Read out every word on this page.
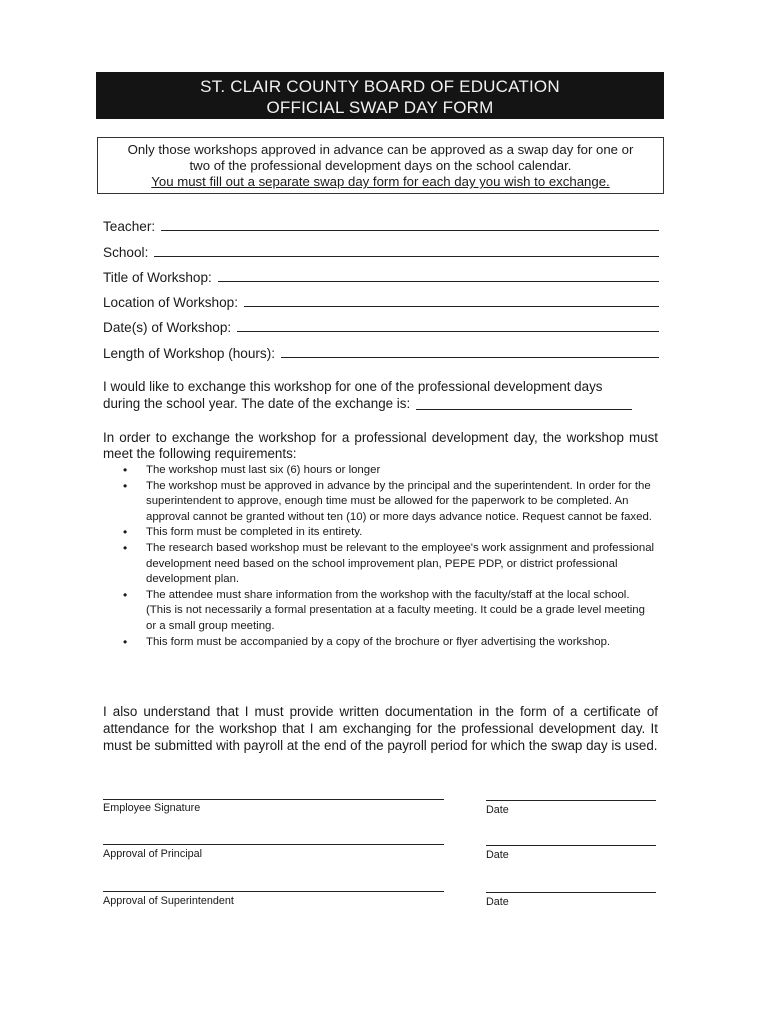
ST. CLAIR COUNTY BOARD OF EDUCATION
OFFICIAL SWAP DAY FORM
Only those workshops approved in advance can be approved as a swap day for one or
two of the professional development days on the school calendar.
You must fill out a separate swap day form for each day you wish to exchange.
Teacher:
School:
Title of Workshop:
Location of Workshop:
Date(s) of Workshop:
Length of Workshop (hours):
I would like to exchange this workshop for one of the professional development days
during the school year. The date of the exchange is:
In order to exchange the workshop for a professional development day, the workshop must meet the following requirements:
• The workshop must last six (6) hours or longer
• The workshop must be approved in advance by the principal and the superintendent. In order for the superintendent to approve, enough time must be allowed for the paperwork to be completed. An approval cannot be granted without ten (10) or more days advance notice. Request cannot be faxed.
• This form must be completed in its entirety.
• The research based workshop must be relevant to the employee's work assignment and professional development need based on the school improvement plan, PEPE PDP, or district professional development plan.
• The attendee must share information from the workshop with the faculty/staff at the local school. (This is not necessarily a formal presentation at a faculty meeting. It could be a grade level meeting or a small group meeting.
• This form must be accompanied by a copy of the brochure or flyer advertising the workshop.
I also understand that I must provide written documentation in the form of a certificate of attendance for the workshop that I am exchanging for the professional development day. It must be submitted with payroll at the end of the payroll period for which the swap day is used.
Employee Signature	Date
Approval of Principal	Date
Approval of Superintendent	Date
